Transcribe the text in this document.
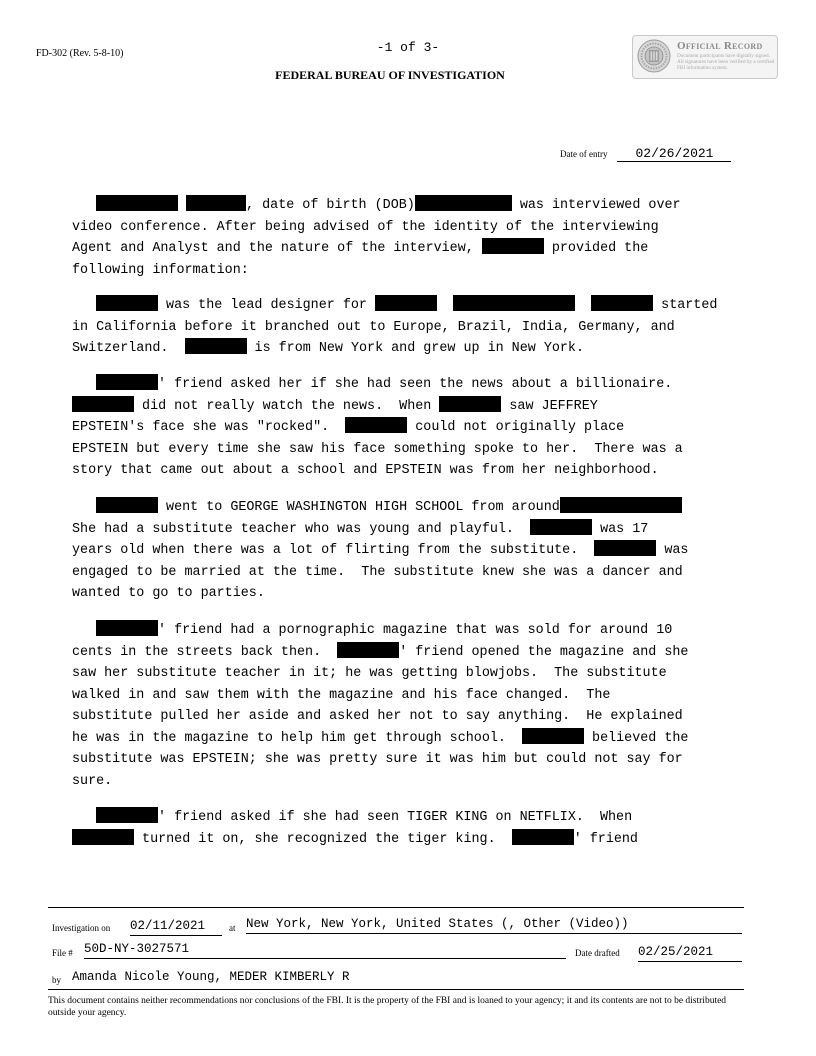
FD-302 (Rev. 5-8-10)	-1 of 3-
FEDERAL BUREAU OF INVESTIGATION
Official Record
Document participants have digitally signed. All signatures have been verified by a certified FBI information system.
Date of entry 02/26/2021
, date of birth (DOB)	was interviewed over
video conference. After being advised of the identity of the interviewing
Agent and Analyst and the nature of the interview,	provided the
following information:
was the lead designer for	started
in California before it branched out to Europe, Brazil, India, Germany, and
Switzerland.	is from New York and grew up in New York.
' friend asked her if she had seen the news about a billionaire.
did not really watch the news.  When	saw JEFFREY
EPSTEIN's face she was "rocked".	could not originally place
EPSTEIN but every time she saw his face something spoke to her.  There was a
story that came out about a school and EPSTEIN was from her neighborhood.
went to GEORGE WASHINGTON HIGH SCHOOL from around
She had a substitute teacher who was young and playful.	was 17
years old when there was a lot of flirting from the substitute.	was
engaged to be married at the time.  The substitute knew she was a dancer and
wanted to go to parties.
' friend had a pornographic magazine that was sold for around 10
cents in the streets back then.	' friend opened the magazine and she
saw her substitute teacher in it; he was getting blowjobs.  The substitute
walked in and saw them with the magazine and his face changed.  The
substitute pulled her aside and asked her not to say anything.  He explained
he was in the magazine to help him get through school.	believed the
substitute was EPSTEIN; she was pretty sure it was him but could not say for
sure.
' friend asked if she had seen TIGER KING on NETFLIX.  When
turned it on, she recognized the tiger king.	' friend
Investigation on 02/11/2021	at New York, New York, United States (, Other (Video))
File # 50D-NY-3027571	Date drafted 02/25/2021
by Amanda Nicole Young, MEDER KIMBERLY R
This document contains neither recommendations nor conclusions of the FBI. It is the property of the FBI and is loaned to your agency; it and its contents are not to be distributed outside your agency.
